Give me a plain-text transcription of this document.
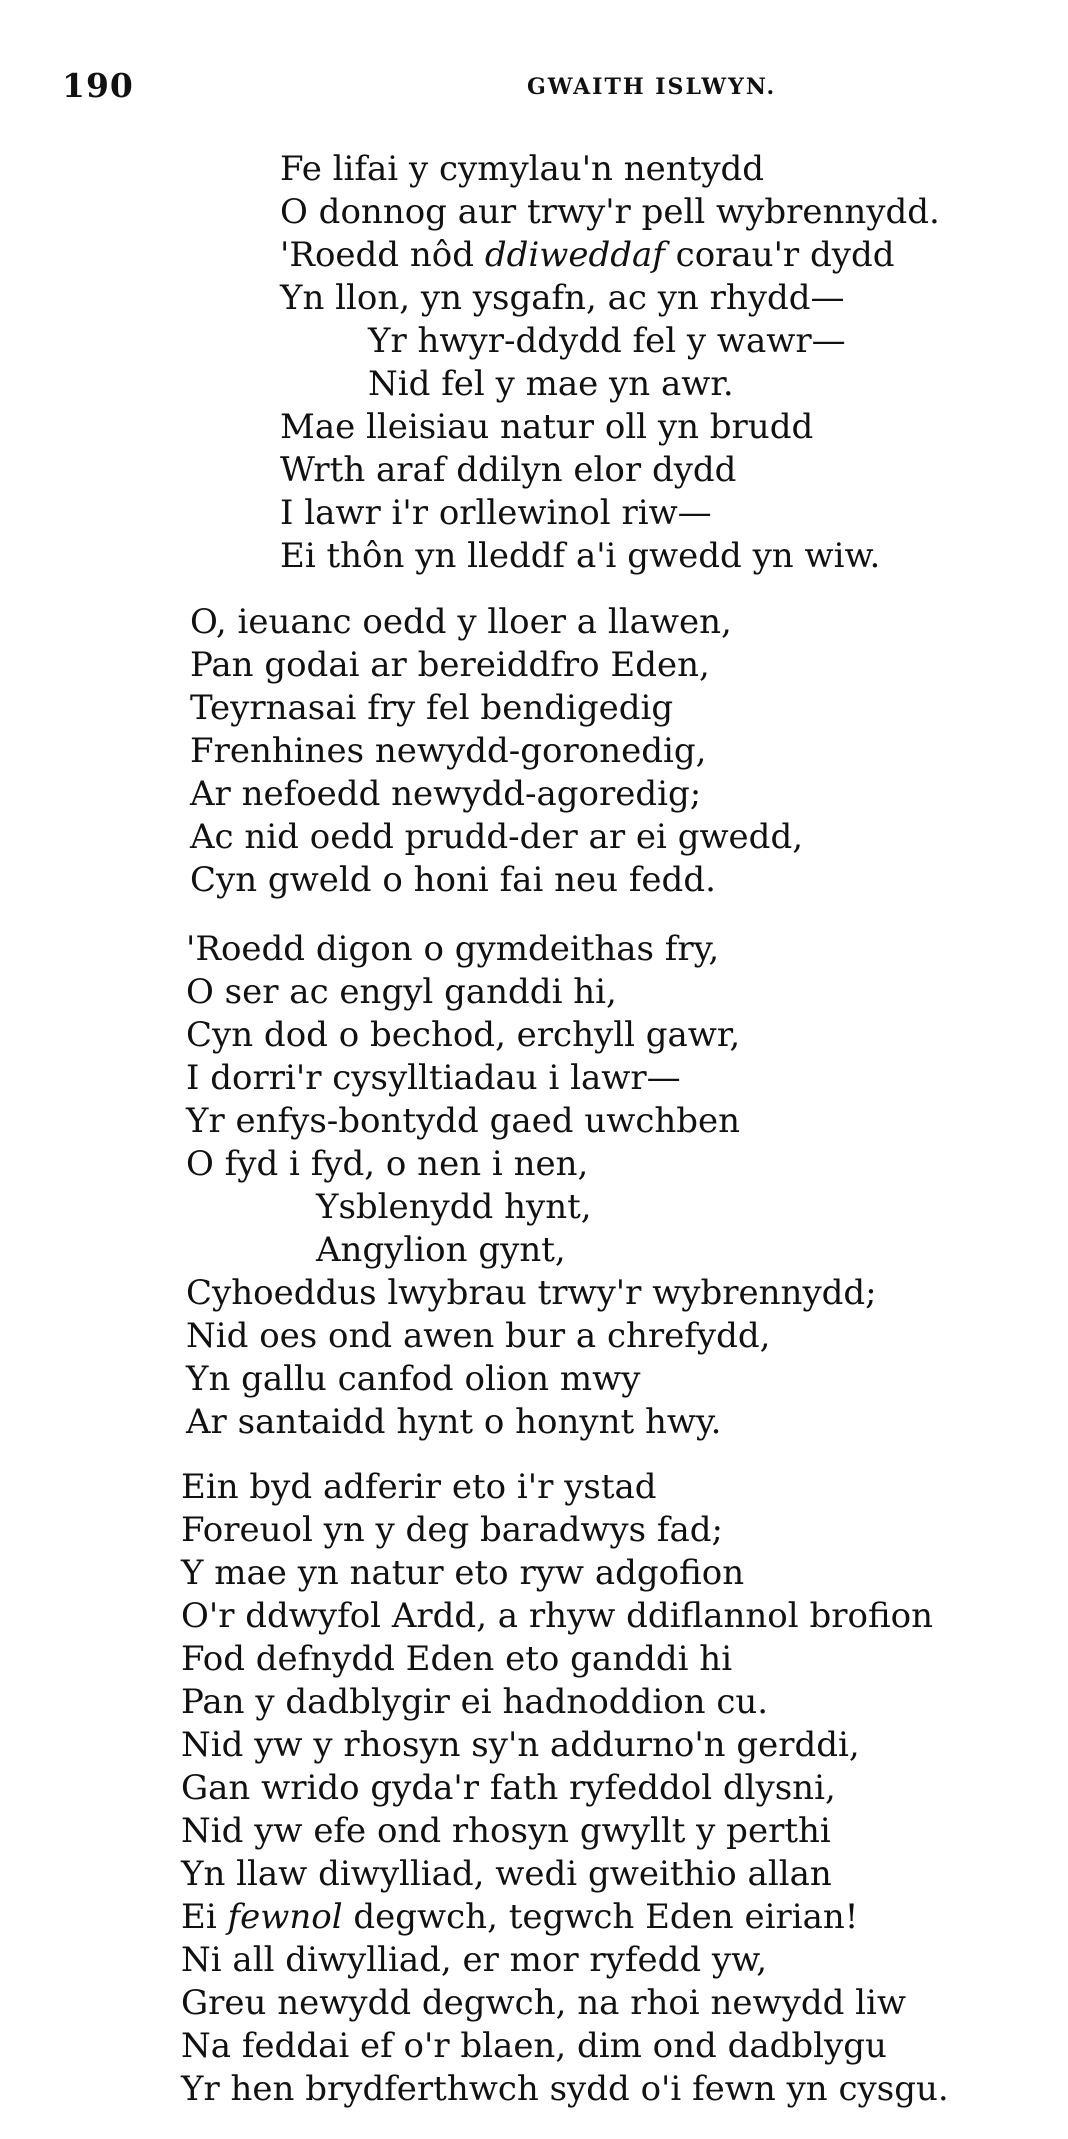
190	GWAITH ISLWYN.
Fe lifai y cymylau'n nentydd
O donnog aur trwy'r pell wybrennydd.
'Roedd nôd ddiweddaf corau'r dydd
Yn llon, yn ysgafn, ac yn rhydd—
Yr hwyr-ddydd fel y wawr—
Nid fel y mae yn awr.
Mae lleisiau natur oll yn brudd
Wrth araf ddilyn elor dydd
I lawr i'r orllewinol riw—
Ei thôn yn lleddf a'i gwedd yn wiw.
O, ieuanc oedd y lloer a llawen,
Pan godai ar bereiddfro Eden,
Teyrnasai fry fel bendigedig
Frenhines newydd-goronedig,
Ar nefoedd newydd-agoredig;
Ac nid oedd prudd-der ar ei gwedd,
Cyn gweld o honi fai neu fedd.
'Roedd digon o gymdeithas fry,
O ser ac engyl ganddi hi,
Cyn dod o bechod, erchyll gawr,
I dorri'r cysylltiadau i lawr—
Yr enfys-bontydd gaed uwchben
O fyd i fyd, o nen i nen,
Ysblenydd hynt,
Angylion gynt,
Cyhoeddus lwybrau trwy'r wybrennydd;
Nid oes ond awen bur a chrefydd,
Yn gallu canfod olion mwy
Ar santaidd hynt o honynt hwy.
Ein byd adferir eto i'r ystad
Foreuol yn y deg baradwys fad;
Y mae yn natur eto ryw adgofion
O'r ddwyfol Ardd, a rhyw ddiflannol brofion
Fod defnydd Eden eto ganddi hi
Pan y dadblygir ei hadnoddion cu.
Nid yw y rhosyn sy'n addurno'n gerddi,
Gan wrido gyda'r fath ryfeddol dlysni,
Nid yw efe ond rhosyn gwyllt y perthi
Yn llaw diwylliad, wedi gweithio allan
Ei fewnol degwch, tegwch Eden eirian!
Ni all diwylliad, er mor ryfedd yw,
Greu newydd degwch, na rhoi newydd liw
Na feddai ef o'r blaen, dim ond dadblygu
Yr hen brydferthwch sydd o'i fewn yn cysgu.
